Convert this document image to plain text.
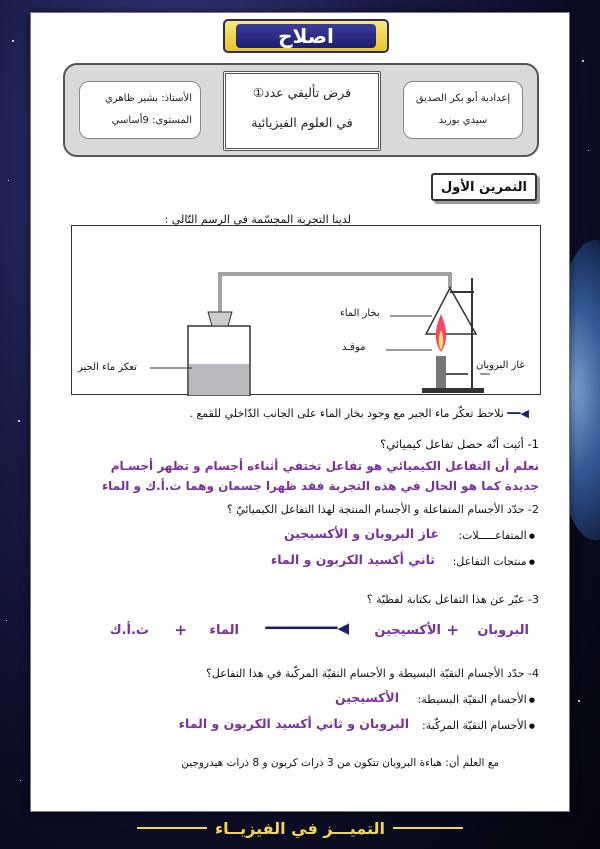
اصلاح
الأستاذ: بشير ظاهري
المستوى: 9أساسي
فرض تأليفي عدد①
في العلوم الفيزيائية
إعدادية أبو بكر الصديق
سيدي بوزيد
التمرين الأول
لدينا التجربة المجسّمة في الرسم التّالي :
تعكر ماء الجير
بخار الماء
موقـد
غاز البروبان
◀━━ نلاحظ تعكّر ماء الجير مع وجود بخار الماء على الجانب الدّاخلي للقمع .
1- أثبت أنّه حصل تفاعل كيميائي؟
نعلم أن التفاعل الكيميائي هو تفاعل تختفي أثناءه أجسام و تظهر أجسـام
جديدة كما هو الحال في هذه التجربة فقد ظهرا جسمان وهما ث.أ.ك و الماء
2- حدّد الأجسام المتفاعلة و الأجسام المنتجة لهذا التفاعل الكيميائيّ ؟
● المتفاعـــــلات:
غاز البروبان و الأكسيجين
● منتجات التفاعل:
ثاني أكسيد الكربون و الماء
3- عبّر عن هذا التفاعل بكتابة لفظيّة ؟
البروبان
+
الأكسيجين
◀━━━━━━━━
الماء
+
ث.أ.ك
4- حدّد الأجسام النقيّة البسيطة و الأجسام النقيّة المركّبة في هذا التفاعل؟
● الأجسام النقيّة البسيطة:
الأكسيجين
● الأجسام النقيّة المركّبة:
البروبان و ثاني أكسيد الكربون و الماء
مع العلم أن: هباءة البروبان تتكون من 3 ذرات كربون و 8 ذرات هيدروجين
التميـــز في الفيزيــاء
